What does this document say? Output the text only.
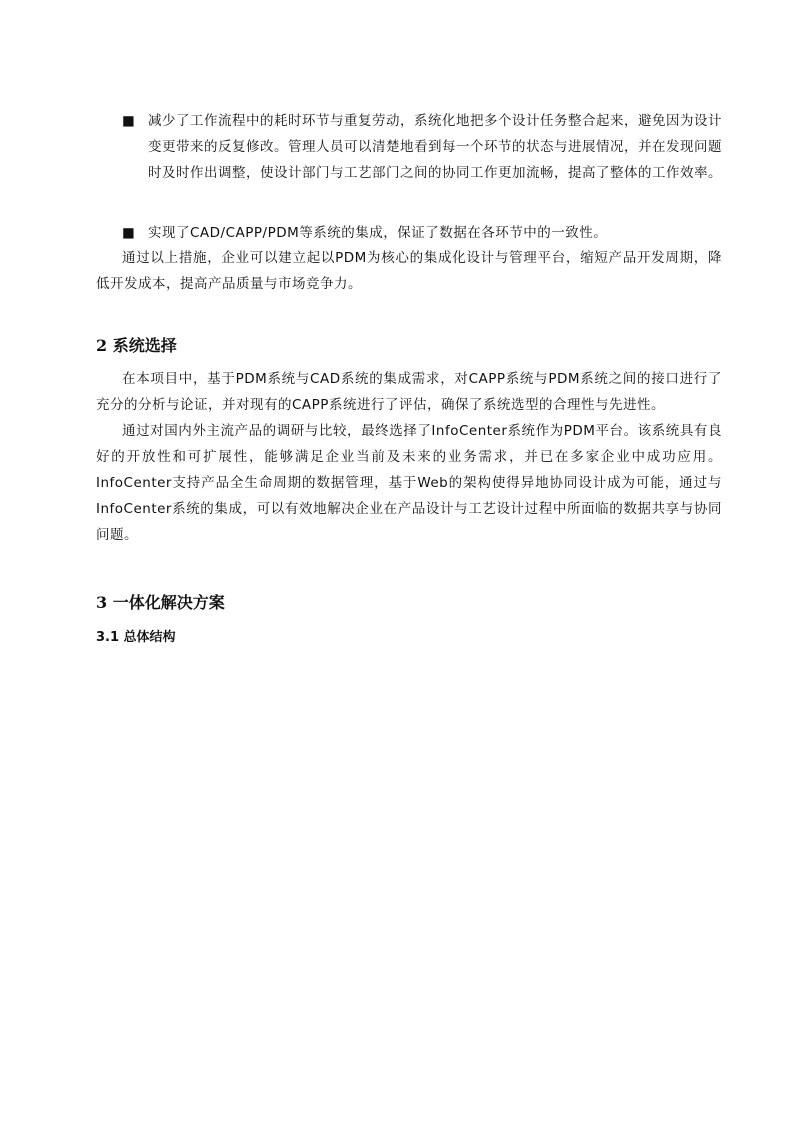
■ 减少了工作流程中的耗时环节与重复劳动，系统化地把多个设计任务整合起来，避免因为设计变更带来的反复修改。管理人员可以清楚地看到每一个环节的状态与进展情况，并在发现问题时及时作出调整，使设计部门与工艺部门之间的协同工作更加流畅，提高了整体的工作效率。
■ 实现了CAD/CAPP/PDM等系统的集成，保证了数据在各环节中的一致性。
通过以上措施，企业可以建立起以PDM为核心的集成化设计与管理平台，缩短产品开发周期，降低开发成本，提高产品质量与市场竞争力。
2 系统选择
在本项目中，基于PDM系统与CAD系统的集成需求，对CAPP系统与PDM系统之间的接口进行了充分的分析与论证，并对现有的CAPP系统进行了评估，确保了系统选型的合理性与先进性。
通过对国内外主流产品的调研与比较，最终选择了InfoCenter系统作为PDM平台。该系统具有良好的开放性和可扩展性，能够满足企业当前及未来的业务需求，并已在多家企业中成功应用。InfoCenter支持产品全生命周期的数据管理，基于Web的架构使得异地协同设计成为可能，通过与InfoCenter系统的集成，可以有效地解决企业在产品设计与工艺设计过程中所面临的数据共享与协同问题。
3 一体化解决方案
3.1 总体结构
